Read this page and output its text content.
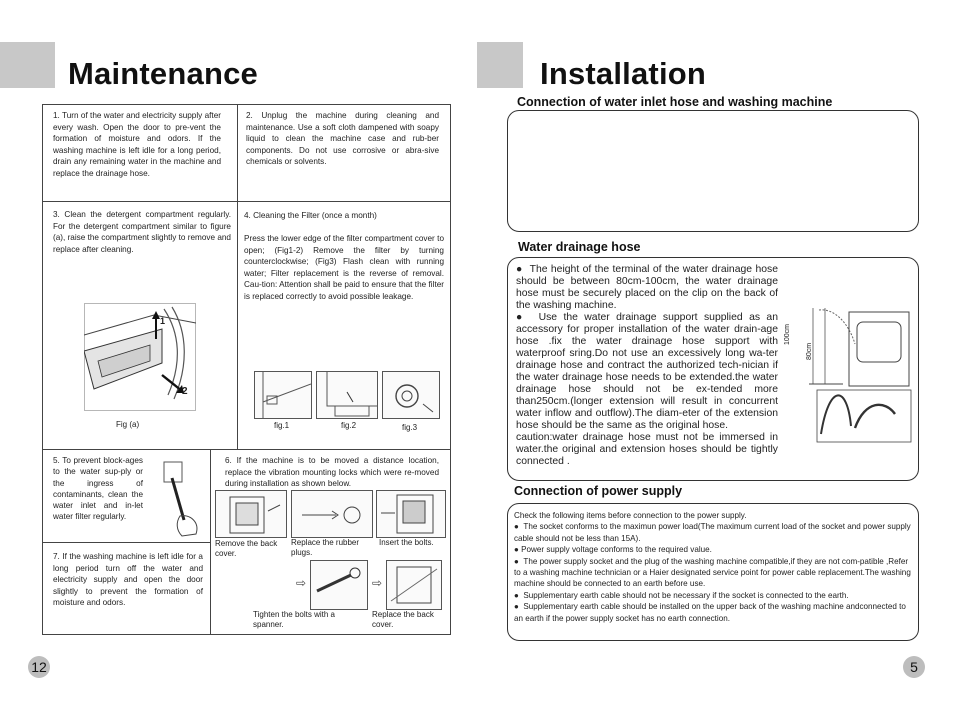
Maintenance
1. Turn of the water and electricity supply after every wash. Open the door to pre-vent the formation of moisture and odors. If the washing machine is left idle for a long period, drain any remaining water in the machine and replace the drainage hose.
2. Unplug the machine during cleaning and maintenance. Use a soft cloth dampened with soapy liquid to clean the machine case and rub-ber components. Do not use corrosive or abra-sive chemicals or solvents.
3. Clean the detergent compartment regularly. For the detergent compartment similar to figure (a), raise the compartment slightly to remove and replace after cleaning.
1
2
Fig (a)
4. Cleaning the Filter (once a month)
Press the lower edge of the filter compartment cover to open; (Fig1-2) Remove the filter by turning counterclockwise; (Fig3) Flash clean with running water; Filter replacement is the reverse of removal. Cau-tion: Attention shall be paid to ensure that the filter is replaced correctly to avoid possible leakage.
fig.1	fig.2	fig.3
5. To prevent block-ages to the water sup-ply or the ingress of contaminants, clean the water inlet and in-let water filter regularly.
6. If the machine is to be moved a distance location, replace the vibration mounting locks which were re-moved during installation as shown below.
Remove the back cover.
Replace the rubber plugs.
Insert the bolts.
⇨	⇨
Tighten the bolts with a spanner.
Replace the back cover.
7. If the washing machine is left idle for a long period turn off the water and electricity supply and open the door slightly to prevent the formation of moisture and odors.
12
Installation
Connection of water inlet hose and washing machine
Water drainage hose
●  The height of the terminal of the water drainage hose should be between 80cm-100cm, the water drainage hose must be securely placed on the clip on the back of the washing machine.
●  Use the water drainage support supplied as an accessory for proper installation of the water drain-age hose .fix the water drainage hose support with waterproof sring.Do not use an excessively long wa-ter drainage hose and contract the authorized tech-nician if the water drainage hose needs to be extended.the water drainage hose should not be ex-tended more than250cm.(longer extension will result in concurrent water inflow and outflow).The diam-eter of the extension hose should be the same as the original hose.
caution:water drainage hose must not be immersed in water.the original and extension hoses should be tightly connected .
100cm
80cm
Connection of power supply
Check the following items before connection to the power supply.
●  The socket conforms to the maximun power load(The maximum current load of the socket and power supply cable should not be less than 15A).
● Power supply voltage conforms to the required value.
●  The power supply socket and the plug of the washing machine compatible,if they are not com-patible ,Refer to a washing machine technician or a Haier designated service point for power cable replacement.The washing machine should be connected to an earth before use.
●  Supplementary earth cable should not be necessary if the socket is connected to the earth.
●  Supplementary earth cable should be installed on the upper back of the washing machine andconnected to an earth if the power supply socket has no earth connection.
5
